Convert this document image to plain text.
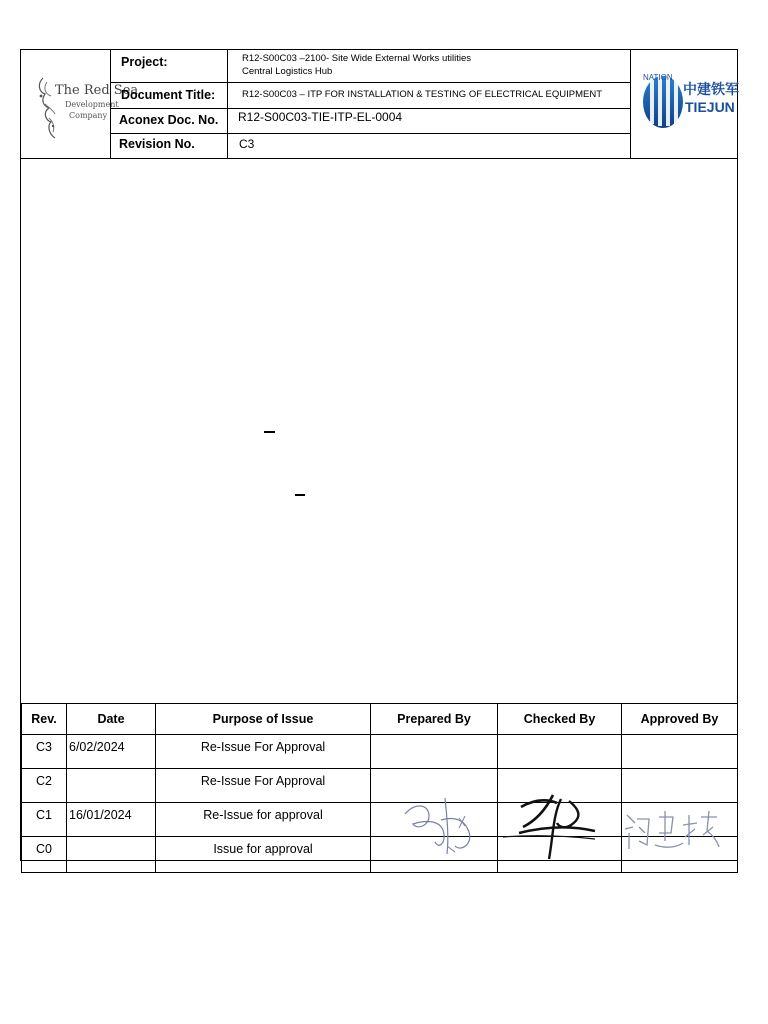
The Red Sea
Development
Company
Project:	R12-S00C03 –2100- Site Wide External Works utilities
Central Logistics Hub
Document Title:	R12-S00C03 – ITP FOR INSTALLATION & TESTING OF ELECTRICAL EQUIPMENT
Aconex Doc. No. R12-S00C03-TIE-ITP-EL-0004
Revision No.	C3
NATION
中建铁军
TIEJUN
Rev.	Date	Purpose of Issue	Prepared By	Checked By	Approved By
C3	6/02/2024	Re-Issue For Approval			
C2		Re-Issue For Approval			
C1	16/01/2024	Re-Issue for approval			
C0		Issue for approval			
